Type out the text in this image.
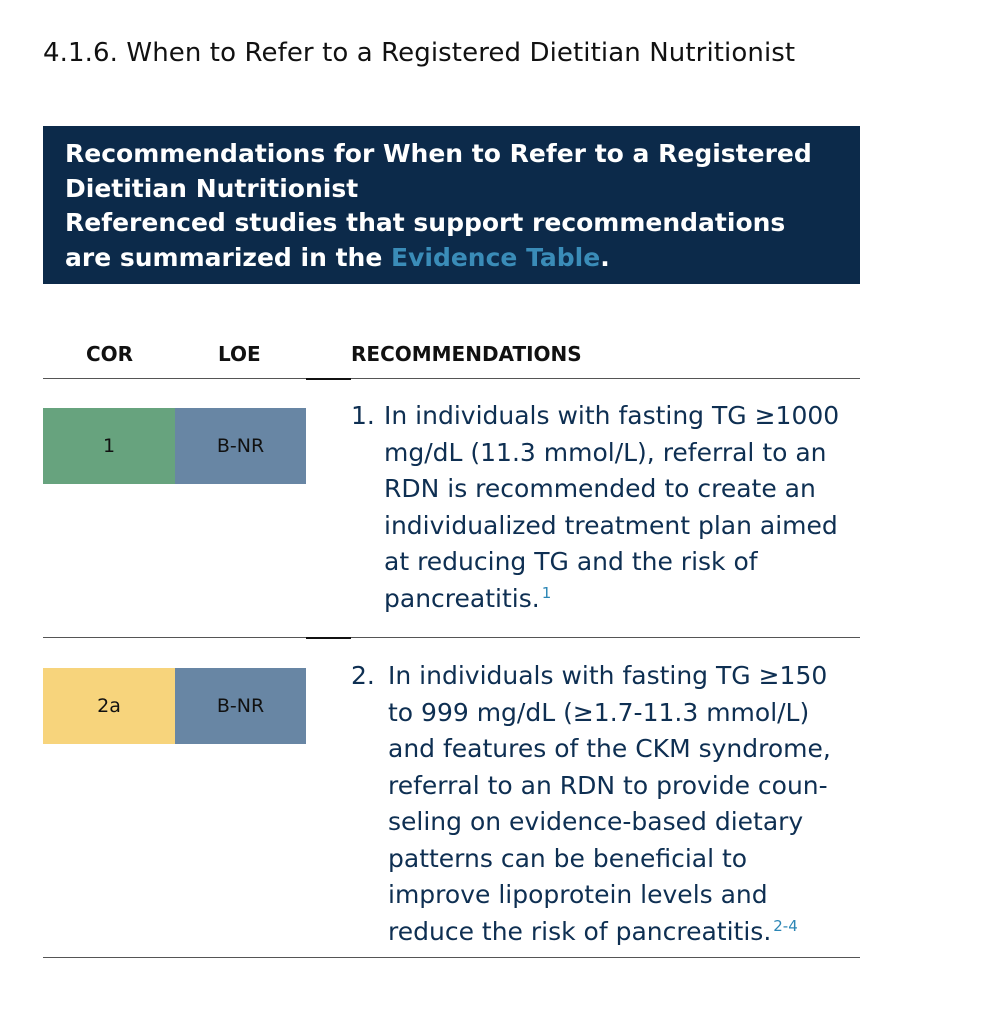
4.1.6. When to Refer to a Registered Dietitian Nutritionist

Recommendations for When to Refer to a Registered

Dietitian Nutritionist

Referenced studies that support recommendations

are summarized in the Evidence Table.

COR	LOE	RECOMMENDATIONS
1	B-NR
1. In individuals with fasting TG ≥1000
mg/dL (11.3 mmol/L), referral to an
RDN is recommended to create an
individualized treatment plan aimed
at reducing TG and the risk of
pancreatitis. $^1$
2a	B-NR
2. In individuals with fasting TG ≥150
to 999 mg/dL (≥1.7-11.3 mmol/L)
and features of the CKM syndrome,
referral to an RDN to provide coun-
seling on evidence-based dietary
patterns can be beneficial to
improve lipoprotein levels and
reduce the risk of pancreatitis. $^{2-4}$
